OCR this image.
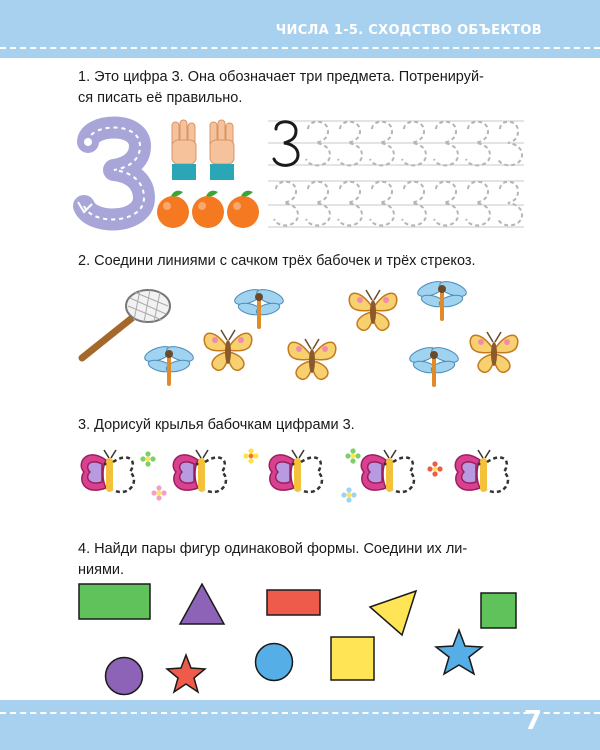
ЧИСЛА 1-5. СХОДСТВО ОБЪЕКТОВ
1. Это цифра 3. Она обозначает три предмета. Потренируй-
ся писать её правильно.
2. Соедини линиями с сачком трёх бабочек и трёх стрекоз.
3. Дорисуй крылья бабочкам цифрами 3.
4. Найди пары фигур одинаковой формы. Соедини их ли-
ниями.
7
